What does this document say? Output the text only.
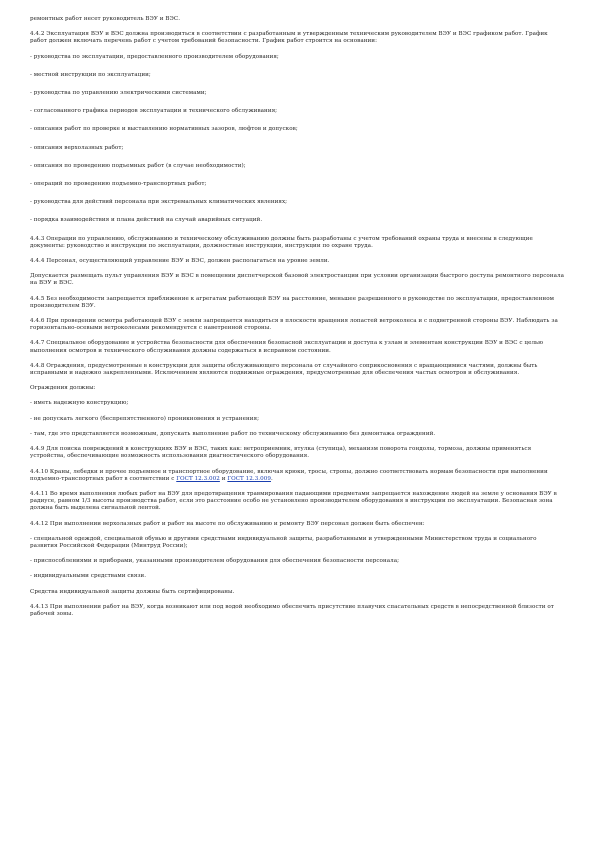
ремонтных работ несет руководитель ВЭУ и ВЭС.

4.4.2 Эксплуатация ВЭУ и ВЭС должна производиться в соответствии с разработанным и утвержденным техническим руководителем ВЭУ и ВЭС графиком работ. График работ должен включать перечень работ с учетом требований безопасности. График работ строится на основании:

- руководства по эксплуатации, предоставленного производителем оборудования;

- местной инструкции по эксплуатации;

- руководства по управлению электрическими системами;

- согласованного графика периодов эксплуатации и технического обслуживания;

- описания работ по проверке и выставлению нормативных зазоров, люфтов и допусков;

- описания верхолазных работ;

- описания по проведению подъемных работ (в случае необходимости);

- операций по проведению подъемно-транспортных работ;

- руководства для действий персонала при экстремальных климатических явлениях;

- порядка взаимодействия и плана действий на случай аварийных ситуаций.

4.4.3 Операции по управлению, обслуживанию и техническому обслуживанию должны быть разработаны с учетом требований охраны труда и внесены в следующие документы: руководство и инструкции по эксплуатации, должностные инструкции, инструкции по охране труда.

4.4.4 Персонал, осуществляющий управление ВЭУ и ВЭС, должен располагаться на уровне земли.

Допускается размещать пульт управления ВЭУ и ВЭС в помещении диспетчерской базовой электростанции при условии организации быстрого доступа ремонтного персонала на ВЭУ и ВЭС.

4.4.5 Без необходимости запрещается приближение к агрегатам работающей ВЭУ на расстояние, меньшее разрешенного в руководстве по эксплуатации, предоставленном производителем ВЭУ.

4.4.6 При проведении осмотра работающей ВЭУ с земли запрещается находиться в плоскости вращения лопастей ветроколеса и с подветренной стороны ВЭУ. Наблюдать за горизонтально-осевыми ветроколесами рекомендуется с наветренной стороны.

4.4.7 Специальное оборудование и устройства безопасности для обеспечения безопасной эксплуатации и доступа к узлам и элементам конструкции ВЭУ и ВЭС с целью выполнения осмотров и технического обслуживания должны содержаться в исправном состоянии.

4.4.8 Ограждения, предусмотренные в конструкции для защиты обслуживающего персонала от случайного соприкосновения с вращающимися частями, должны быть исправными и надежно закрепленными. Исключением являются подвижные ограждения, предусмотренные для обеспечения частых осмотров и обслуживания.

Ограждения должны:

- иметь надежную конструкцию;

- не допускать легкого (беспрепятственного) проникновения и устранения;

- там, где это представляется возможным, допускать выполнение работ по техническому обслуживанию без демонтажа ограждений.

4.4.9 Для поиска повреждений в конструкциях ВЭУ и ВЭС, таких как: ветроприемник, втулка (ступица), механизм поворота гондолы, тормоза, должны применяться устройства, обеспечивающие возможность использования диагностического оборудования.

4.4.10 Краны, лебедки и прочее подъемное и транспортное оборудование, включая крюки, тросы, стропы, должно соответствовать нормам безопасности при выполнении подъемно-транспортных работ в соответствии с ГОСТ 12.3.002 и ГОСТ 12.3.009.

4.4.11 Во время выполнения любых работ на ВЭУ для предотвращения травмирования падающими предметами запрещается нахождение людей на земле у основания ВЭУ в радиусе, равном 1/3 высоты производства работ, если это расстояние особо не установлено производителем оборудования в инструкции по эксплуатации. Безопасная зона должна быть выделена сигнальной лентой.

4.4.12 При выполнении верхолазных работ и работ на высоте по обслуживанию и ремонту ВЭУ персонал должен быть обеспечен:

- специальной одеждой, специальной обувью и другими средствами индивидуальной защиты, разработанными и утвержденными Министерством труда и социального развития Российской Федерации (Минтруд России);

- приспособлениями и приборами, указанными производителем оборудования для обеспечения безопасности персонала;

- индивидуальными средствами связи.

Средства индивидуальной защиты должны быть сертифицированы.

4.4.13 При выполнении работ на ВЭУ, когда возникают или под водой необходимо обеспечить присутствие плавучих спасательных средств в непосредственной близости от рабочей зоны.
